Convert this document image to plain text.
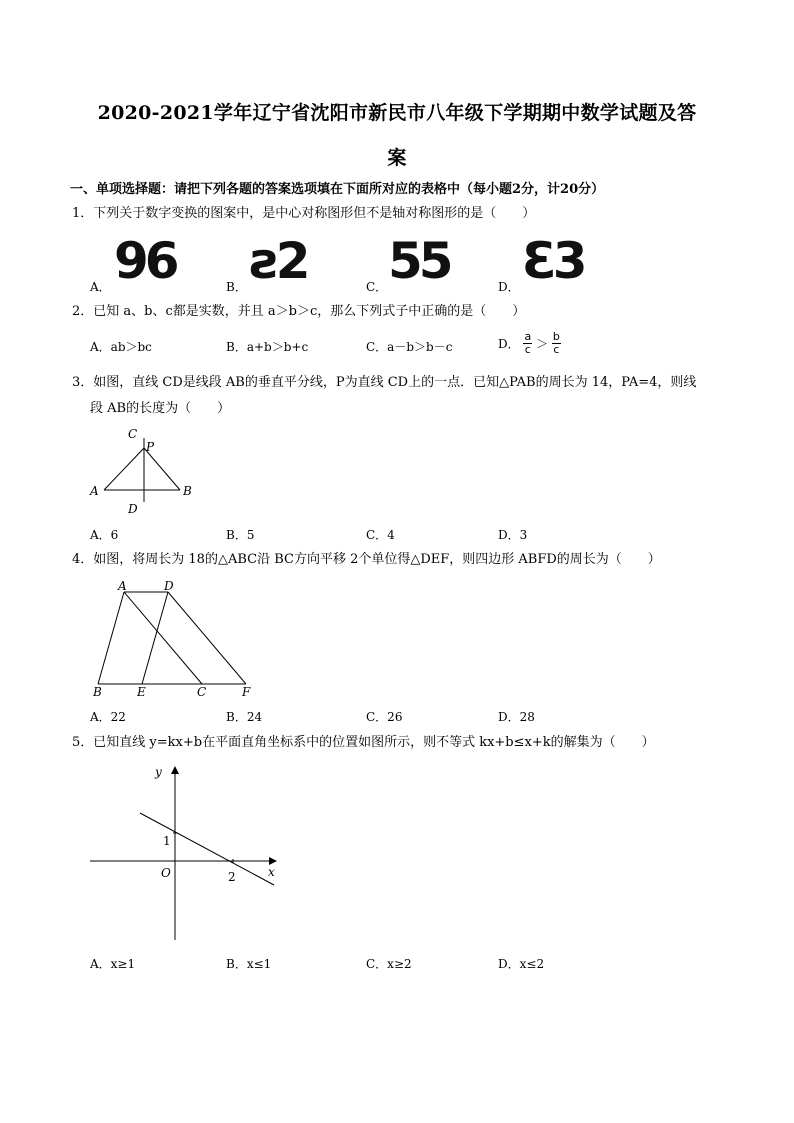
2020-2021学年辽宁省沈阳市新民市八年级下学期期中数学试题及答
案
一、单项选择题：请把下列各题的答案选项填在下面所对应的表格中（每小题2分，计20分）
1．下列关于数字变换的图案中，是中心对称图形但不是轴对称图形的是（　　）
A． 96	B． ꙅ2	C． 55	D． Ɛ3
2．已知 a、b、c都是实数，并且 a＞b＞c，那么下列式子中正确的是（　　）
A．ab＞bc	B．a+b＞b+c	C．a－b＞b－c	D． $\frac{a}{c} > \frac{b}{c}$
3．如图，直线 CD是线段 AB的垂直平分线，P为直线 CD上的一点．已知△PAB的周长为 14，PA=4，则线
段 AB的长度为（　　）
C
P
A	B
D
A．6	B．5	C．4	D．3
4．如图，将周长为 18的△ABC沿 BC方向平移 2个单位得△DEF，则四边形 ABFD的周长为（　　）
A	D
B	E	C	F
A．22	B．24	C．26	D．28
5．已知直线 y=kx+b在平面直角坐标系中的位置如图所示，则不等式 kx+b≤x+k的解集为（　　）
y
x
O
1
2
A．x≥1	B．x≤1	C．x≥2	D．x≤2
